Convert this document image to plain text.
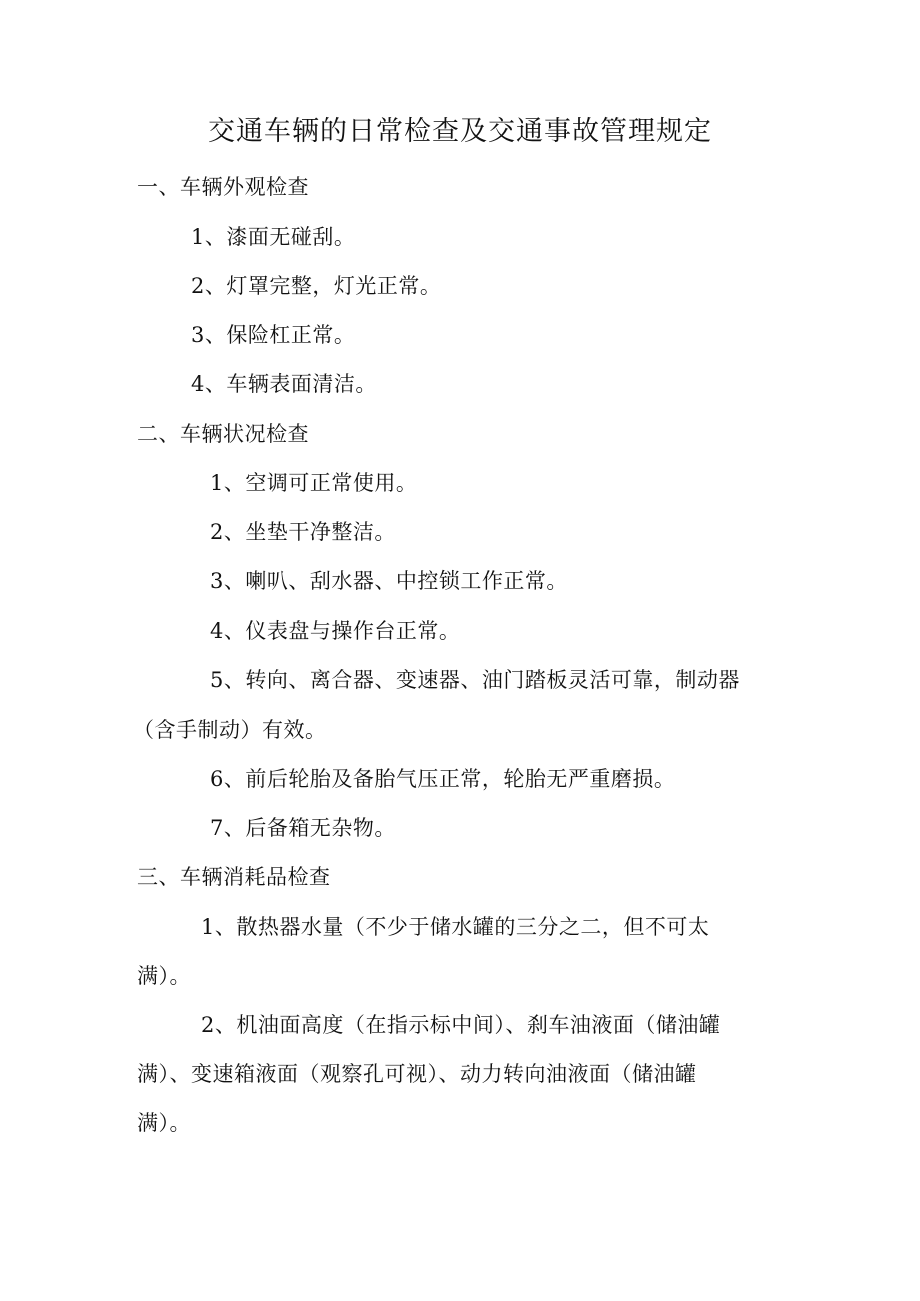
交通车辆的日常检查及交通事故管理规定
一、车辆外观检查
1、漆面无碰刮。
2、灯罩完整，灯光正常。
3、保险杠正常。
4、车辆表面清洁。
二、车辆状况检查
1、空调可正常使用。
2、坐垫干净整洁。
3、喇叭、刮水器、中控锁工作正常。
4、仪表盘与操作台正常。
5、转向、离合器、变速器、油门踏板灵活可靠，制动器
（含手制动）有效。
6、前后轮胎及备胎气压正常，轮胎无严重磨损。
7、后备箱无杂物。
三、车辆消耗品检查
1、散热器水量（不少于储水罐的三分之二，但不可太
满）。
2、机油面高度（在指示标中间）、刹车油液面（储油罐
满）、变速箱液面（观察孔可视）、动力转向油液面（储油罐
满）。
